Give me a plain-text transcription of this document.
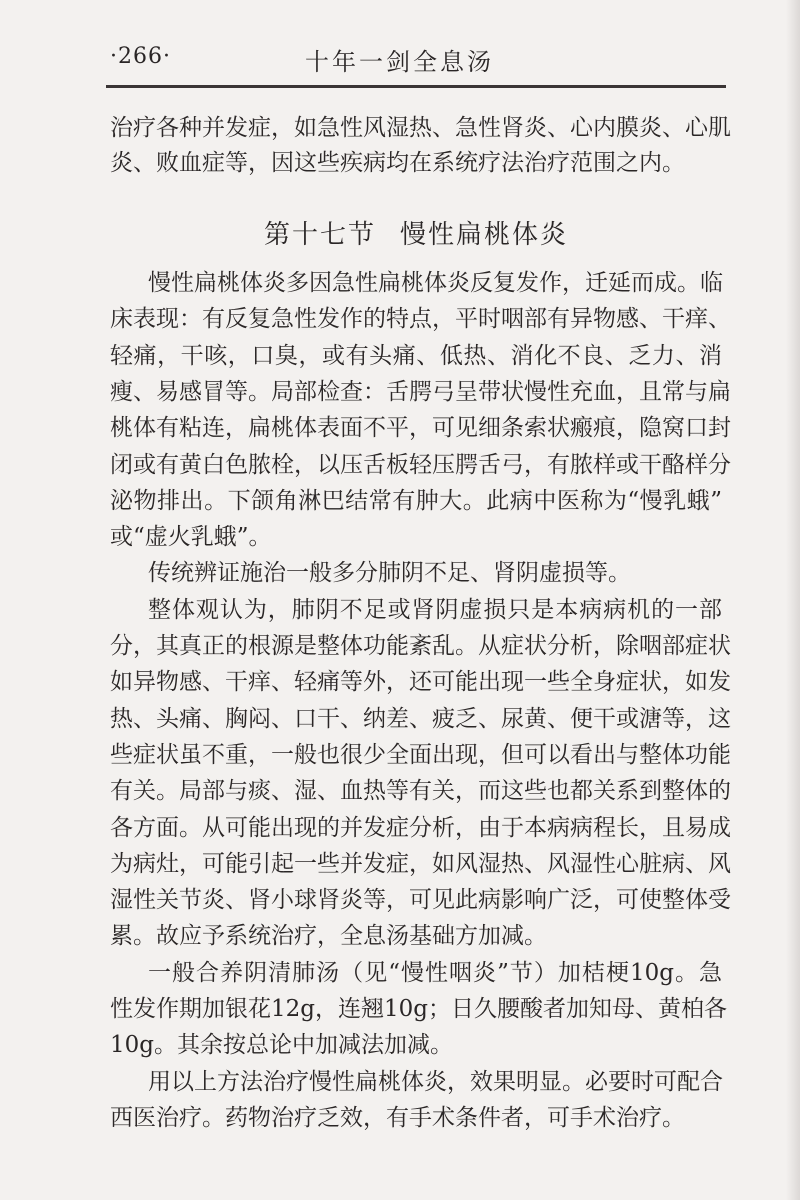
·266·	十年一剑全息汤
治疗各种并发症，如急性风湿热、急性肾炎、心内膜炎、心肌
炎、败血症等，因这些疾病均在系统疗法治疗范围之内。
第十七节 慢性扁桃体炎
慢性扁桃体炎多因急性扁桃体炎反复发作，迁延而成。临
床表现：有反复急性发作的特点，平时咽部有异物感、干痒、
轻痛，干咳，口臭，或有头痛、低热、消化不良、乏力、消
瘦、易感冒等。局部检查：舌腭弓呈带状慢性充血，且常与扁
桃体有粘连，扁桃体表面不平，可见细条索状瘢痕，隐窝口封
闭或有黄白色脓栓，以压舌板轻压腭舌弓，有脓样或干酪样分
泌物排出。下颌角淋巴结常有肿大。此病中医称为“慢乳蛾”
或“虚火乳蛾”。
传统辨证施治一般多分肺阴不足、肾阴虚损等。
整体观认为，肺阴不足或肾阴虚损只是本病病机的一部
分，其真正的根源是整体功能紊乱。从症状分析，除咽部症状
如异物感、干痒、轻痛等外，还可能出现一些全身症状，如发
热、头痛、胸闷、口干、纳差、疲乏、尿黄、便干或溏等，这
些症状虽不重，一般也很少全面出现，但可以看出与整体功能
有关。局部与痰、湿、血热等有关，而这些也都关系到整体的
各方面。从可能出现的并发症分析，由于本病病程长，且易成
为病灶，可能引起一些并发症，如风湿热、风湿性心脏病、风
湿性关节炎、肾小球肾炎等，可见此病影响广泛，可使整体受
累。故应予系统治疗，全息汤基础方加减。
一般合养阴清肺汤（见“慢性咽炎”节）加桔梗10g。急
性发作期加银花12g，连翘10g；日久腰酸者加知母、黄柏各
10g。其余按总论中加减法加减。
用以上方法治疗慢性扁桃体炎，效果明显。必要时可配合
西医治疗。药物治疗乏效，有手术条件者，可手术治疗。
